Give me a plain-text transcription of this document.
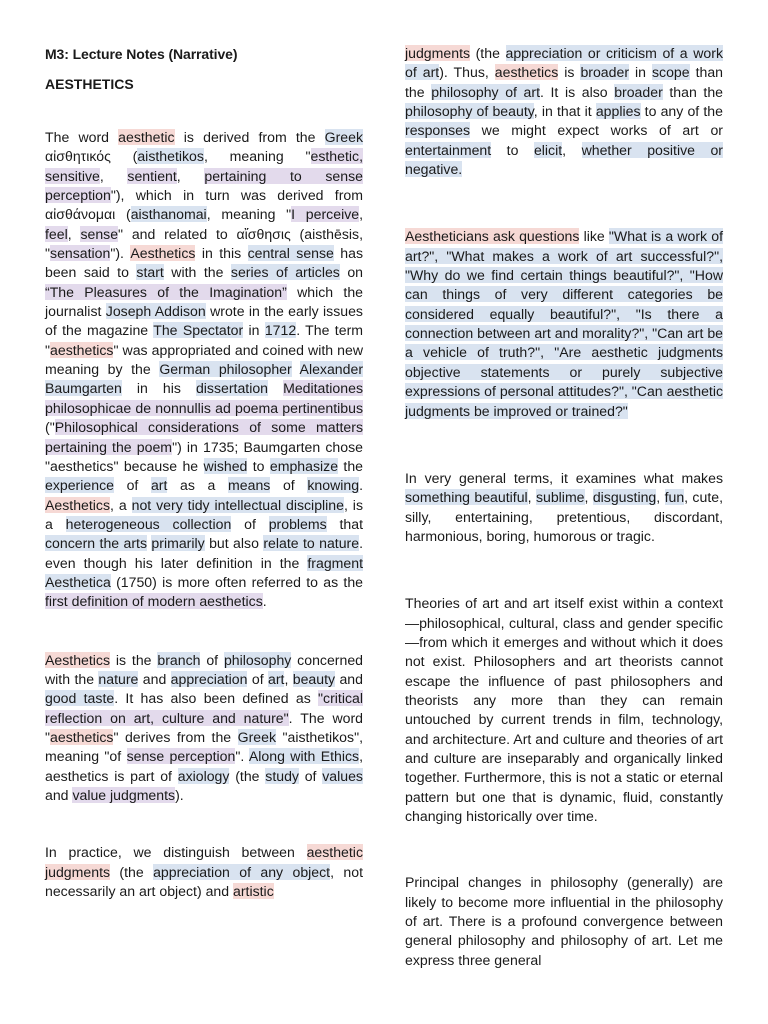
M3: Lecture Notes (Narrative)
AESTHETICS

The word aesthetic is derived from the Greek αἰσθητικός (aisthetikos, meaning "esthetic, sensitive, sentient, pertaining to sense perception"), which in turn was derived from αἰσθάνομαι (aisthanomai, meaning "I perceive, feel, sense" and related to αἴσθησις (aisthēsis, "sensation"). Aesthetics in this central sense has been said to start with the series of articles on “The Pleasures of the Imagination” which the journalist Joseph Addison wrote in the early issues of the magazine The Spectator in 1712. The term "aesthetics" was appropriated and coined with new meaning by the German philosopher Alexander Baumgarten in his dissertation Meditationes philosophicae de nonnullis ad poema pertinentibus ("Philosophical considerations of some matters pertaining the poem") in 1735; Baumgarten chose "aesthetics" because he wished to emphasize the experience of art as a means of knowing. Aesthetics, a not very tidy intellectual discipline, is a heterogeneous collection of problems that concern the arts primarily but also relate to nature. even though his later definition in the fragment Aesthetica (1750) is more often referred to as the first definition of modern aesthetics.

Aesthetics is the branch of philosophy concerned with the nature and appreciation of art, beauty and good taste. It has also been defined as "critical reflection on art, culture and nature". The word "aesthetics" derives from the Greek "aisthetikos", meaning "of sense perception". Along with Ethics, aesthetics is part of axiology (the study of values and value judgments).

In practice, we distinguish between aesthetic judgments (the appreciation of any object, not necessarily an art object) and artistic

judgments (the appreciation or criticism of a work of art). Thus, aesthetics is broader in scope than the philosophy of art. It is also broader than the philosophy of beauty, in that it applies to any of the responses we might expect works of art or entertainment to elicit, whether positive or negative.

Aestheticians ask questions like "What is a work of art?", "What makes a work of art successful?", "Why do we find certain things beautiful?", "How can things of very different categories be considered equally beautiful?", "Is there a connection between art and morality?", "Can art be a vehicle of truth?", "Are aesthetic judgments objective statements or purely subjective expressions of personal attitudes?", "Can aesthetic judgments be improved or trained?"

In very general terms, it examines what makes something beautiful, sublime, disgusting, fun, cute, silly, entertaining, pretentious, discordant, harmonious, boring, humorous or tragic.

Theories of art and art itself exist within a context—philosophical, cultural, class and gender specific—from which it emerges and without which it does not exist. Philosophers and art theorists cannot escape the influence of past philosophers and theorists any more than they can remain untouched by current trends in film, technology, and architecture. Art and culture and theories of art and culture are inseparably and organically linked together. Furthermore, this is not a static or eternal pattern but one that is dynamic, fluid, constantly changing historically over time.

Principal changes in philosophy (generally) are likely to become more influential in the philosophy of art. There is a profound convergence between general philosophy and philosophy of art. Let me express three general
